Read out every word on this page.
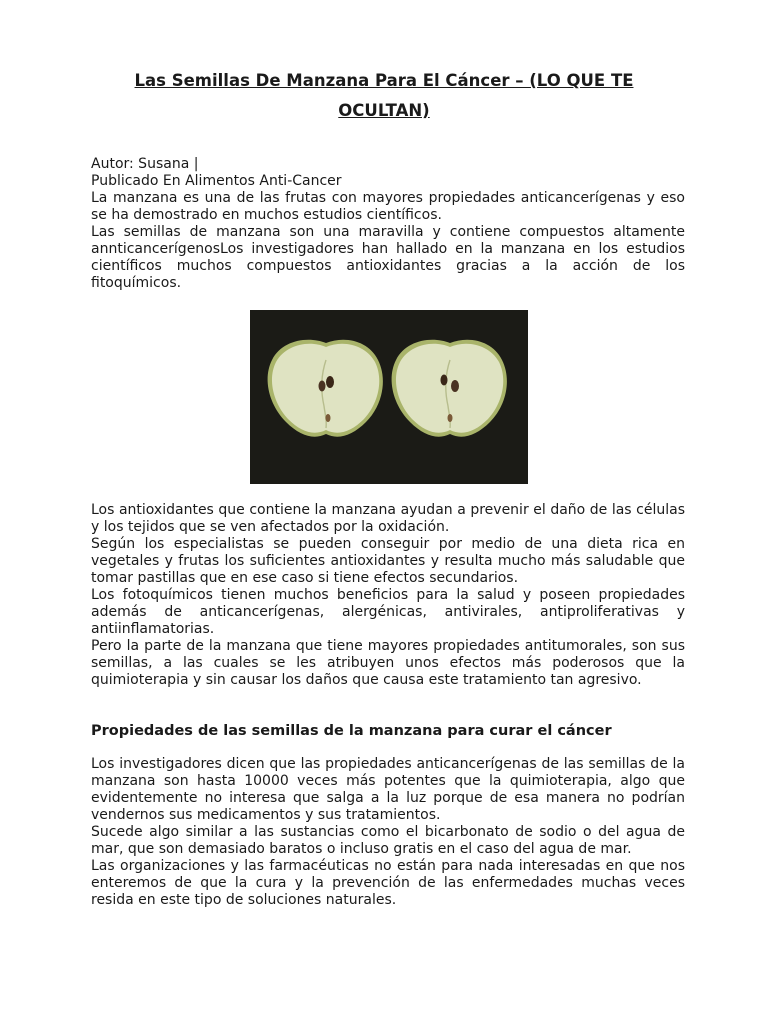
Las Semillas De Manzana Para El Cáncer – (LO QUE TE OCULTAN)

Autor: Susana |

Publicado En Alimentos Anti-Cancer

La manzana es una de las frutas con mayores propiedades anticancerígenas y eso se ha demostrado en muchos estudios científicos.

Las semillas de manzana son una maravilla y contiene compuestos altamente annticancerígenosLos investigadores han hallado en la manzana en los estudios científicos muchos compuestos antioxidantes gracias a la acción de los fitoquímicos.

Los antioxidantes que contiene la manzana ayudan a prevenir el daño de las células y los tejidos que se ven afectados por la oxidación.

Según los especialistas se pueden conseguir por medio de una dieta rica en vegetales y frutas los suficientes antioxidantes y resulta mucho más saludable que tomar pastillas que en ese caso si tiene efectos secundarios.

Los fotoquímicos tienen muchos beneficios para la salud y poseen propiedades además de anticancerígenas, alergénicas, antivirales, antiproliferativas y antiinflamatorias.

Pero la parte de la manzana que tiene mayores propiedades antitumorales, son sus semillas, a las cuales se les atribuyen unos efectos más poderosos que la quimioterapia y sin causar los daños que causa este tratamiento tan agresivo.

Propiedades de las semillas de la manzana para curar el cáncer

Los investigadores dicen que las propiedades anticancerígenas de las semillas de la manzana son hasta 10000 veces más potentes que la quimioterapia, algo que evidentemente no interesa que salga a la luz porque de esa manera no podrían vendernos sus medicamentos y sus tratamientos.

Sucede algo similar a las sustancias como el bicarbonato de sodio o del agua de mar, que son demasiado baratos o incluso gratis en el caso del agua de mar.

Las organizaciones y las farmacéuticas no están para nada interesadas en que nos enteremos de que la cura y la prevención de las enfermedades muchas veces resida en este tipo de soluciones naturales.
